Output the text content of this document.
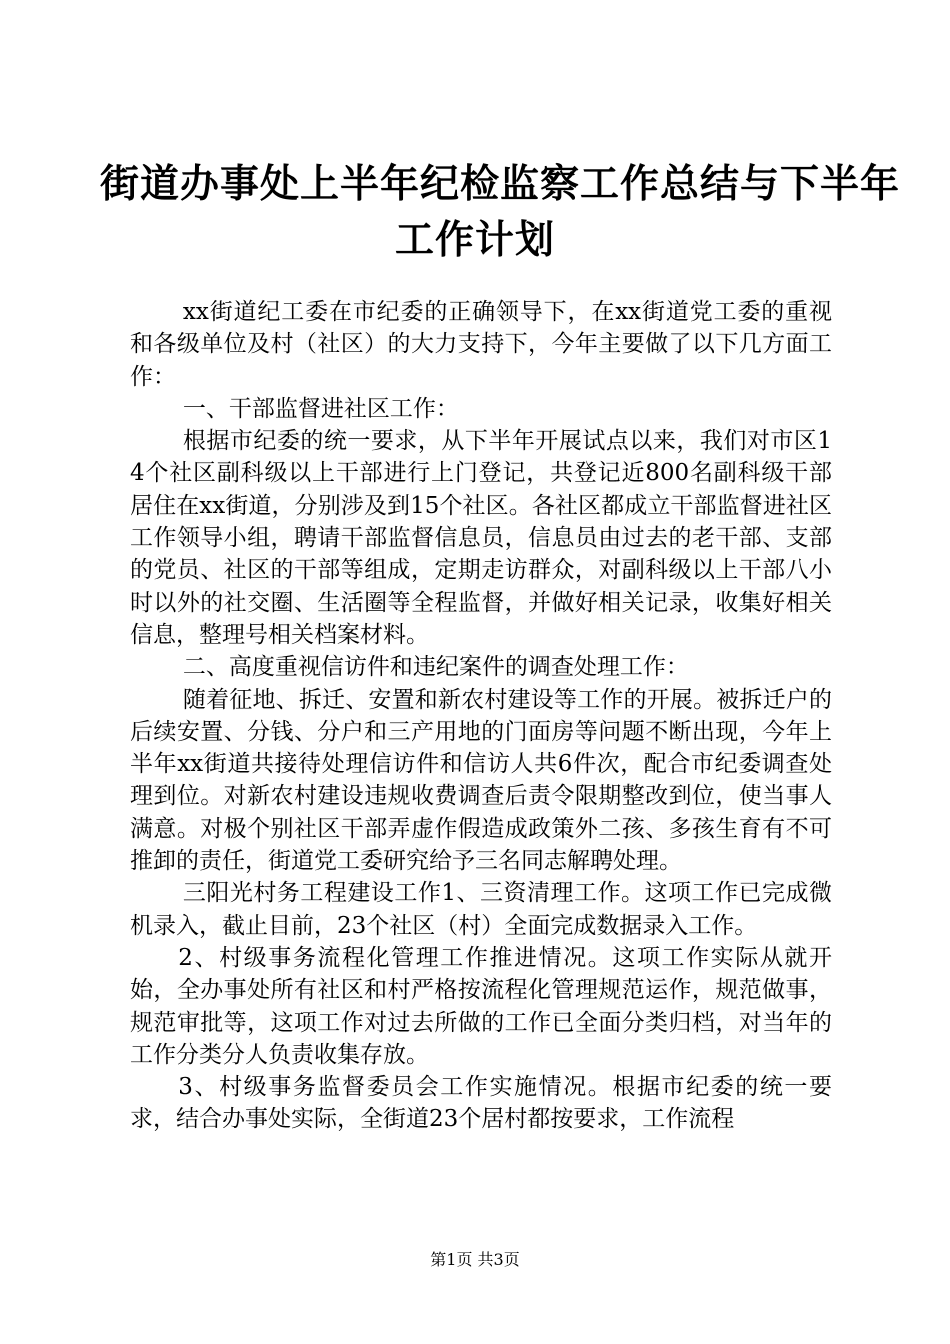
街道办事处上半年纪检监察工作总结与下半年
工作计划

xx街道纪工委在市纪委的正确领导下，在xx街道党工委的重视和各级单位及村（社区）的大力支持下，今年主要做了以下几方面工作：

一、干部监督进社区工作：

根据市纪委的统一要求，从下半年开展试点以来，我们对市区14个社区副科级以上干部进行上门登记，共登记近800名副科级干部居住在xx街道，分别涉及到15个社区。各社区都成立干部监督进社区工作领导小组，聘请干部监督信息员，信息员由过去的老干部、支部的党员、社区的干部等组成，定期走访群众，对副科级以上干部八小时以外的社交圈、生活圈等全程监督，并做好相关记录，收集好相关信息，整理号相关档案材料。

二、高度重视信访件和违纪案件的调查处理工作：

随着征地、拆迁、安置和新农村建设等工作的开展。被拆迁户的后续安置、分钱、分户和三产用地的门面房等问题不断出现，今年上半年xx街道共接待处理信访件和信访人共6件次，配合市纪委调查处理到位。对新农村建设违规收费调查后责令限期整改到位，使当事人满意。对极个别社区干部弄虚作假造成政策外二孩、多孩生育有不可推卸的责任，街道党工委研究给予三名同志解聘处理。

三阳光村务工程建设工作1、三资清理工作。这项工作已完成微机录入，截止目前，23个社区（村）全面完成数据录入工作。

2、村级事务流程化管理工作推进情况。这项工作实际从就开始，全办事处所有社区和村严格按流程化管理规范运作，规范做事，规范审批等，这项工作对过去所做的工作已全面分类归档，对当年的工作分类分人负责收集存放。

3、村级事务监督委员会工作实施情况。根据市纪委的统一要求，结合办事处实际，全街道23个居村都按要求，工作流程

第1页 共3页
